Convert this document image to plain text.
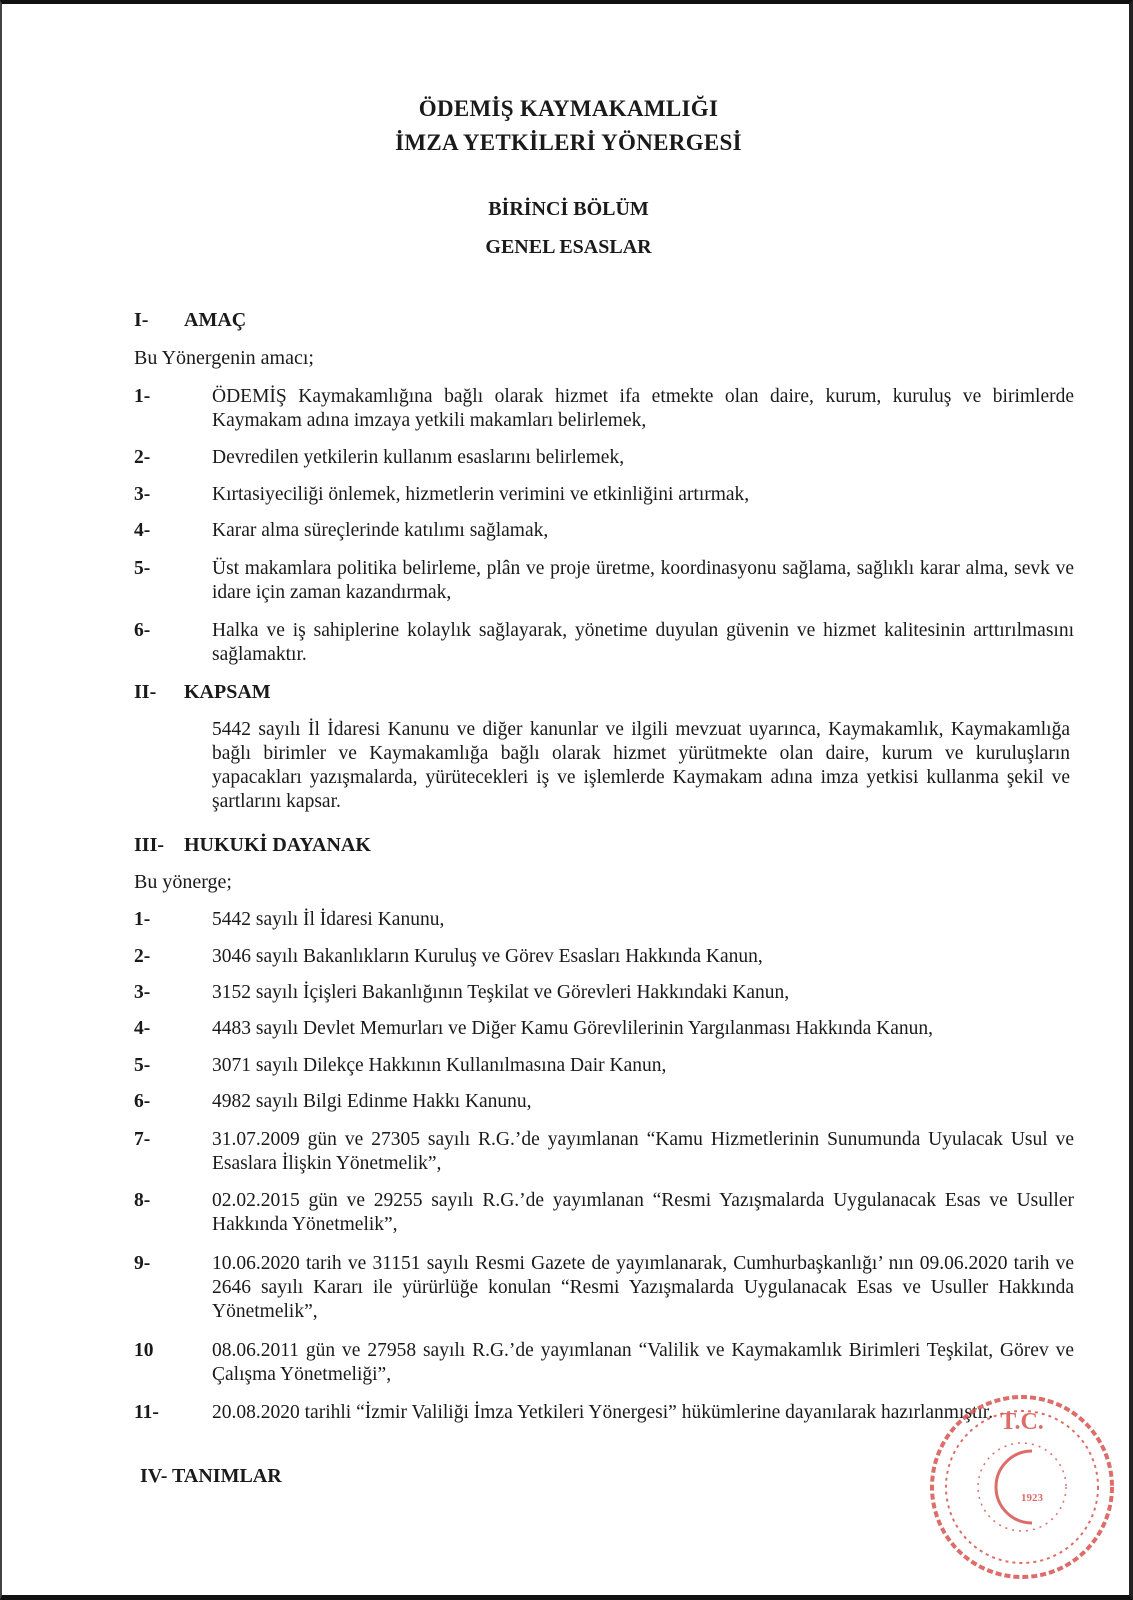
ÖDEMİŞ KAYMAKAMLIĞI
İMZA YETKİLERİ YÖNERGESİ
BİRİNCİ BÖLÜM
GENEL ESASLAR
I- AMAÇ
Bu Yönergenin amacı;
1-	ÖDEMİŞ Kaymakamlığına bağlı olarak hizmet ifa etmekte olan daire, kurum, kuruluş ve birimlerde Kaymakam adına imzaya yetkili makamları belirlemek,
2-	Devredilen yetkilerin kullanım esaslarını belirlemek,
3-	Kırtasiyeciliği önlemek, hizmetlerin verimini ve etkinliğini artırmak,
4-	Karar alma süreçlerinde katılımı sağlamak,
5-	Üst makamlara politika belirleme, plân ve proje üretme, koordinasyonu sağlama, sağlıklı karar alma, sevk ve idare için zaman kazandırmak,
6-	Halka ve iş sahiplerine kolaylık sağlayarak, yönetime duyulan güvenin ve hizmet kalitesinin arttırılmasını sağlamaktır.
II- KAPSAM
5442 sayılı İl İdaresi Kanunu ve diğer kanunlar ve ilgili mevzuat uyarınca, Kaymakamlık, Kaymakamlığa bağlı birimler ve Kaymakamlığa bağlı olarak hizmet yürütmekte olan daire, kurum ve kuruluşların yapacakları yazışmalarda, yürütecekleri iş ve işlemlerde Kaymakam adına imza yetkisi kullanma şekil ve şartlarını kapsar.
III- HUKUKİ DAYANAK
Bu yönerge;
1-	5442 sayılı İl İdaresi Kanunu,
2-	3046 sayılı Bakanlıkların Kuruluş ve Görev Esasları Hakkında Kanun,
3-	3152 sayılı İçişleri Bakanlığının Teşkilat ve Görevleri Hakkındaki Kanun,
4-	4483 sayılı Devlet Memurları ve Diğer Kamu Görevlilerinin Yargılanması Hakkında Kanun,
5-	3071 sayılı Dilekçe Hakkının Kullanılmasına Dair Kanun,
6-	4982 sayılı Bilgi Edinme Hakkı Kanunu,
7-	31.07.2009 gün ve 27305 sayılı R.G.’de yayımlanan “Kamu Hizmetlerinin Sunumunda Uyulacak Usul ve Esaslara İlişkin Yönetmelik”,
8-	02.02.2015 gün ve 29255 sayılı R.G.’de yayımlanan “Resmi Yazışmalarda Uygulanacak Esas ve Usuller Hakkında Yönetmelik”,
9-	10.06.2020 tarih ve 31151 sayılı Resmi Gazete de yayımlanarak, Cumhurbaşkanlığı’ nın 09.06.2020 tarih ve 2646 sayılı Kararı ile yürürlüğe konulan “Resmi Yazışmalarda Uygulanacak Esas ve Usuller Hakkında Yönetmelik”,
10	08.06.2011 gün ve 27958 sayılı R.G.’de yayımlanan “Valilik ve Kaymakamlık Birimleri Teşkilat, Görev ve Çalışma Yönetmeliği”,
11-	20.08.2020 tarihli “İzmir Valiliği İmza Yetkileri Yönergesi” hükümlerine dayanılarak hazırlanmıştır.
IV- TANIMLAR
T.C.
1923
